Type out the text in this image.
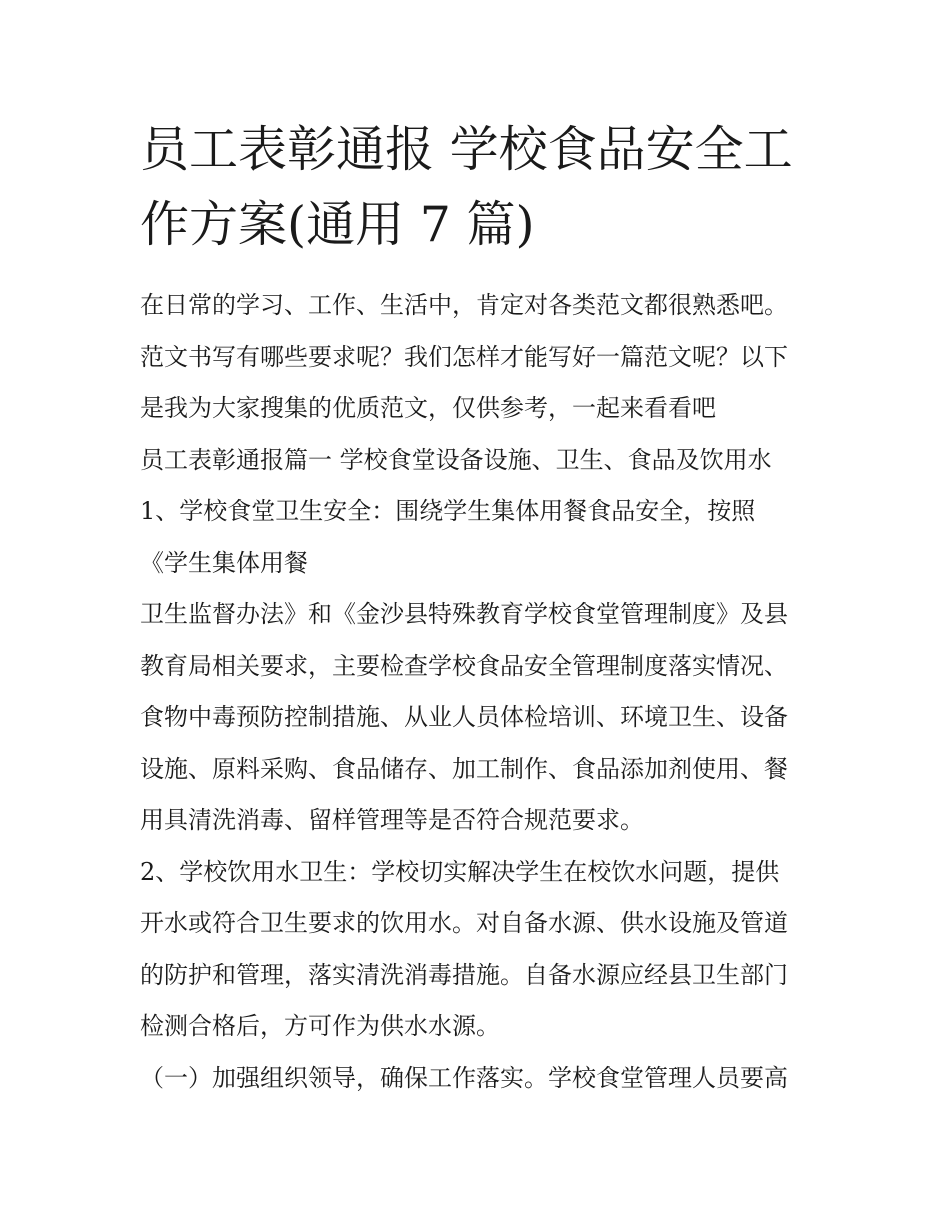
员工表彰通报 学校食品安全工
作方案(通用 7 篇)
在日常的学习、工作、生活中，肯定对各类范文都很熟悉吧。
范文书写有哪些要求呢？我们怎样才能写好一篇范文呢？以下
是我为大家搜集的优质范文，仅供参考，一起来看看吧
员工表彰通报篇一 学校食堂设备设施、卫生、食品及饮用水
1、学校食堂卫生安全：围绕学生集体用餐食品安全，按照
《学生集体用餐
卫生监督办法》和《金沙县特殊教育学校食堂管理制度》及县
教育局相关要求，主要检查学校食品安全管理制度落实情况、
食物中毒预防控制措施、从业人员体检培训、环境卫生、设备
设施、原料采购、食品储存、加工制作、食品添加剂使用、餐
用具清洗消毒、留样管理等是否符合规范要求。
2、学校饮用水卫生：学校切实解决学生在校饮水问题，提供
开水或符合卫生要求的饮用水。对自备水源、供水设施及管道
的防护和管理，落实清洗消毒措施。自备水源应经县卫生部门
检测合格后，方可作为供水水源。
（一）加强组织领导，确保工作落实。学校食堂管理人员要高
